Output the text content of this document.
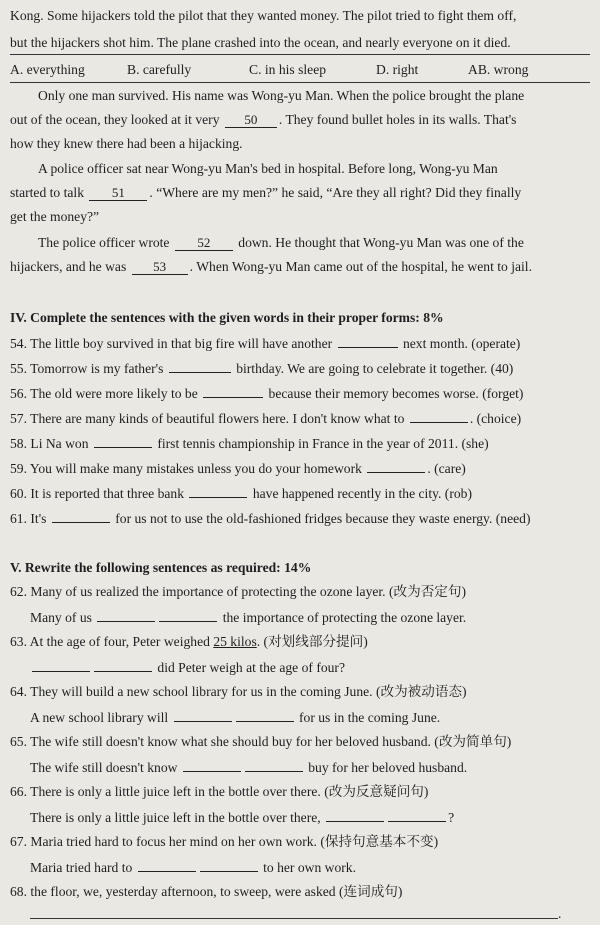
Kong. Some hijackers told the pilot that they wanted money. The pilot tried to fight them off,
but the hijackers shot him. The plane crashed into the ocean, and nearly everyone on it died.
A. everything	B. carefully	C. in his sleep	D. right	AB. wrong
Only one man survived. His name was Wong-yu Man. When the police brought the plane
out of the ocean, they looked at it very 50 . They found bullet holes in its walls. That's
how they knew there had been a hijacking.
A police officer sat near Wong-yu Man's bed in hospital. Before long, Wong-yu Man
started to talk 51 . “Where are my men?” he said, “Are they all right? Did they finally
get the money?”
The police officer wrote 52 down. He thought that Wong-yu Man was one of the
hijackers, and he was 53 . When Wong-yu Man came out of the hospital, he went to jail.
IV. Complete the sentences with the given words in their proper forms: 8%
54. The little boy survived in that big fire will have another	next month. (operate)
55. Tomorrow is my father's	birthday. We are going to celebrate it together. (40)
56. The old were more likely to be	because their memory becomes worse. (forget)
57. There are many kinds of beautiful flowers here. I don't know what to	. (choice)
58. Li Na won	first tennis championship in France in the year of 2011. (she)
59. You will make many mistakes unless you do your homework	. (care)
60. It is reported that three bank	have happened recently in the city. (rob)
61. It's	for us not to use the old-fashioned fridges because they waste energy. (need)
V. Rewrite the following sentences as required: 14%
62. Many of us realized the importance of protecting the ozone layer. (改为否定句)
Many of us	the importance of protecting the ozone layer.
63. At the age of four, Peter weighed 25 kilos. (对划线部分提问)
did Peter weigh at the age of four?
64. They will build a new school library for us in the coming June. (改为被动语态)
A new school library will	for us in the coming June.
65. The wife still doesn't know what she should buy for her beloved husband. (改为简单句)
The wife still doesn't know	buy for her beloved husband.
66. There is only a little juice left in the bottle over there. (改为反意疑问句)
There is only a little juice left in the bottle over there,	?
67. Maria tried hard to focus her mind on her own work. (保持句意基本不变)
Maria tried hard to	to her own work.
68. the floor, we, yesterday afternoon, to sweep, were asked (连词成句)
.
